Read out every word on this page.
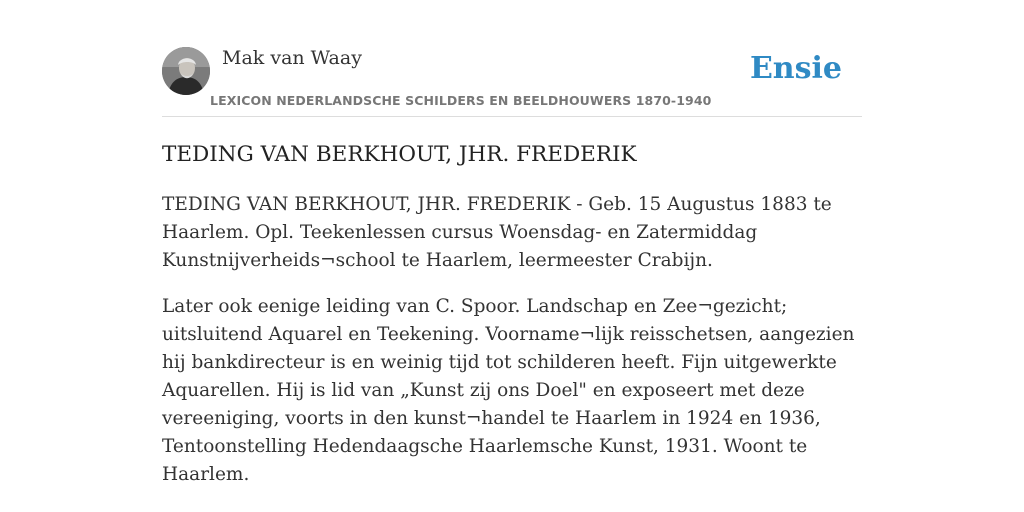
Mak van Waay
LEXICON NEDERLANDSCHE SCHILDERS EN BEELDHOUWERS 1870-1940
Ensie
TEDING VAN BERKHOUT, JHR. FREDERIK

TEDING VAN BERKHOUT, JHR. FREDERIK - Geb. 15 Augustus 1883 te Haarlem. Opl. Teekenlessen cursus Woensdag- en Zatermiddag Kunstnijverheids¬school te Haarlem, leermeester Crabijn.

Later ook eenige leiding van C. Spoor. Landschap en Zee¬gezicht; uitsluitend Aquarel en Teekening. Voorname¬lijk reisschetsen, aangezien hij bankdirecteur is en weinig tijd tot schilderen heeft. Fijn uitgewerkte Aquarellen. Hij is lid van „Kunst zij ons Doel" en exposeert met deze vereeniging, voorts in den kunst¬handel te Haarlem in 1924 en 1936, Tentoonstelling Hedendaagsche Haarlemsche Kunst, 1931. Woont te Haarlem.
